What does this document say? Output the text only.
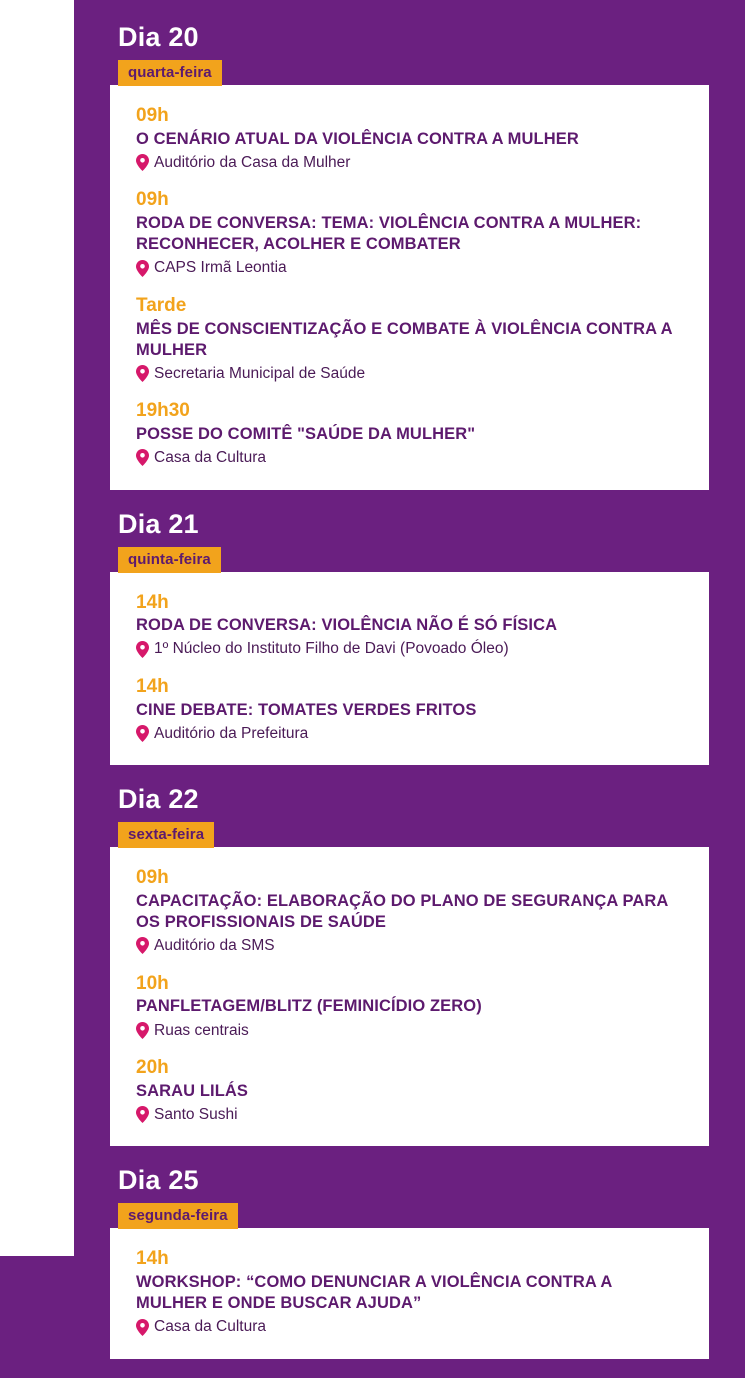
Dia 20
quarta-feira
09h
O CENÁRIO ATUAL DA VIOLÊNCIA CONTRA A MULHER
Auditório da Casa da Mulher
09h
RODA DE CONVERSA: TEMA: VIOLÊNCIA CONTRA A MULHER: RECONHECER, ACOLHER E COMBATER
CAPS Irmã Leontia
Tarde
MÊS DE CONSCIENTIZAÇÃO E COMBATE À VIOLÊNCIA CONTRA A MULHER
Secretaria Municipal de Saúde
19h30
POSSE DO COMITÊ "SAÚDE DA MULHER"
Casa da Cultura
Dia 21
quinta-feira
14h
RODA DE CONVERSA: VIOLÊNCIA NÃO É SÓ FÍSICA
1º Núcleo do Instituto Filho de Davi (Povoado Óleo)
14h
CINE DEBATE: TOMATES VERDES FRITOS
Auditório da Prefeitura
Dia 22
sexta-feira
09h
CAPACITAÇÃO: ELABORAÇÃO DO PLANO DE SEGURANÇA PARA OS PROFISSIONAIS DE SAÚDE
Auditório da SMS
10h
PANFLETAGEM/BLITZ (FEMINICÍDIO ZERO)
Ruas centrais
20h
SARAU LILÁS
Santo Sushi
Dia 25
segunda-feira
14h
WORKSHOP: “COMO DENUNCIAR A VIOLÊNCIA CONTRA A MULHER E ONDE BUSCAR AJUDA”
Casa da Cultura
